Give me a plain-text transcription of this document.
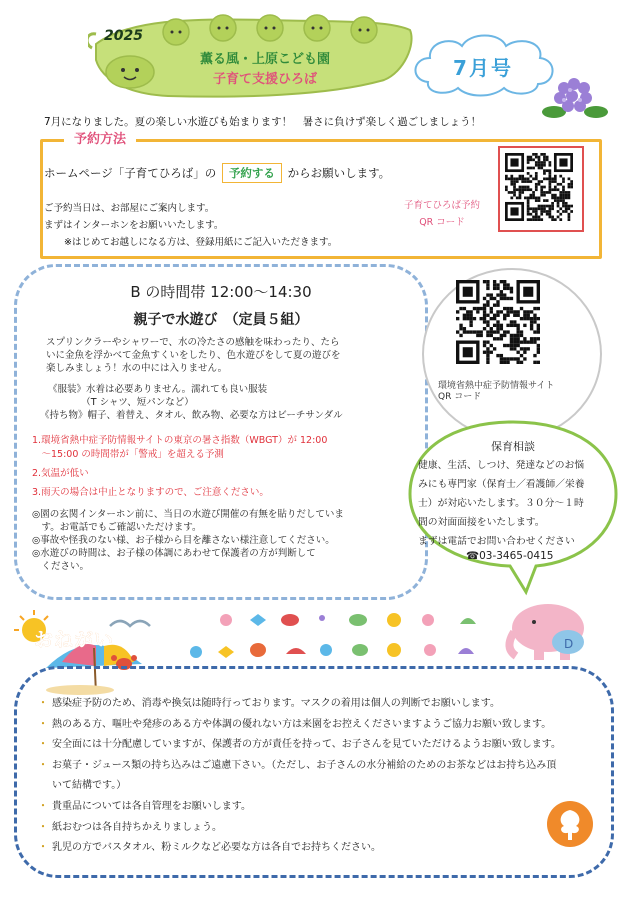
2025
薫る風・上原こども園
子育て支援ひろば	7月号
7月になりました。夏の楽しい水遊びも始まります！　暑さに負けず楽しく過ごしましょう！
予約方法
ホームページ「子育てひろば」の 予約する からお願いします。
ご予約当日は、お部屋にご案内します。
まずはインターホンをお願いいたします。
※はじめてお越しになる方は、登録用紙にご記入いただきます。
子育てひろば予約
QR コード
B の時間帯 12:00～14:30
親子で水遊び　（定員５組）
スプリンクラーやシャワーで、水の冷たさの感触を味わったり、たら
いに金魚を浮かべて金魚すくいをしたり、色水遊びをして夏の遊びを
楽しみましょう！水の中には入りません。
《服装》水着は必要ありません。濡れても良い服装
　　　　（T シャツ、短パンなど）
《持ち物》帽子、着替え、タオル、飲み物、必要な方はビーチサンダル
1.環境省熱中症予防情報サイトの東京の暑さ指数（WBGT）が 12:00
　～15:00 の時間帯が「警戒」を超える予測
2.気温が低い
3.雨天の場合は中止となりますので、ご注意ください。
◎園の玄関インターホン前に、当日の水遊び開催の有無を貼りだしていま
　す。お電話でもご確認いただけます。
◎事故や怪我のない様、お子様から目を離さない様注意してください。
◎水遊びの時間は、お子様の体調にあわせて保護者の方が判断して
　ください。
環境省熱中症予防情報サイト
QR コード
保育相談
健康、生活、しつけ、発達などのお悩
みにも専門家（保育士／看護師／栄養
士）が対応いたします。３０分～１時
間の対面面接をいたします。
まずは電話でお問い合わせください
☎03-3465-0415
D
おねがい
・ 感染症予防のため、消毒や換気は随時行っております。マスクの着用は個人の判断でお願いします。
・ 熱のある方、嘔吐や発疹のある方や体調の優れない方は来園をお控えくださいますようご協力お願い致します。
・ 安全面には十分配慮していますが、保護者の方が責任を持って、お子さんを見ていただけるようお願い致します。
・ お菓子・ジュース類の持ち込みはご遠慮下さい。（ただし、お子さんの水分補給のためのお茶などはお持ち込み頂
いて結構です。）
・ 貴重品については各自管理をお願いします。
・ 紙おむつは各自持ちかえりましょう。
・ 乳児の方でバスタオル、粉ミルクなど必要な方は各自でお持ちください。
